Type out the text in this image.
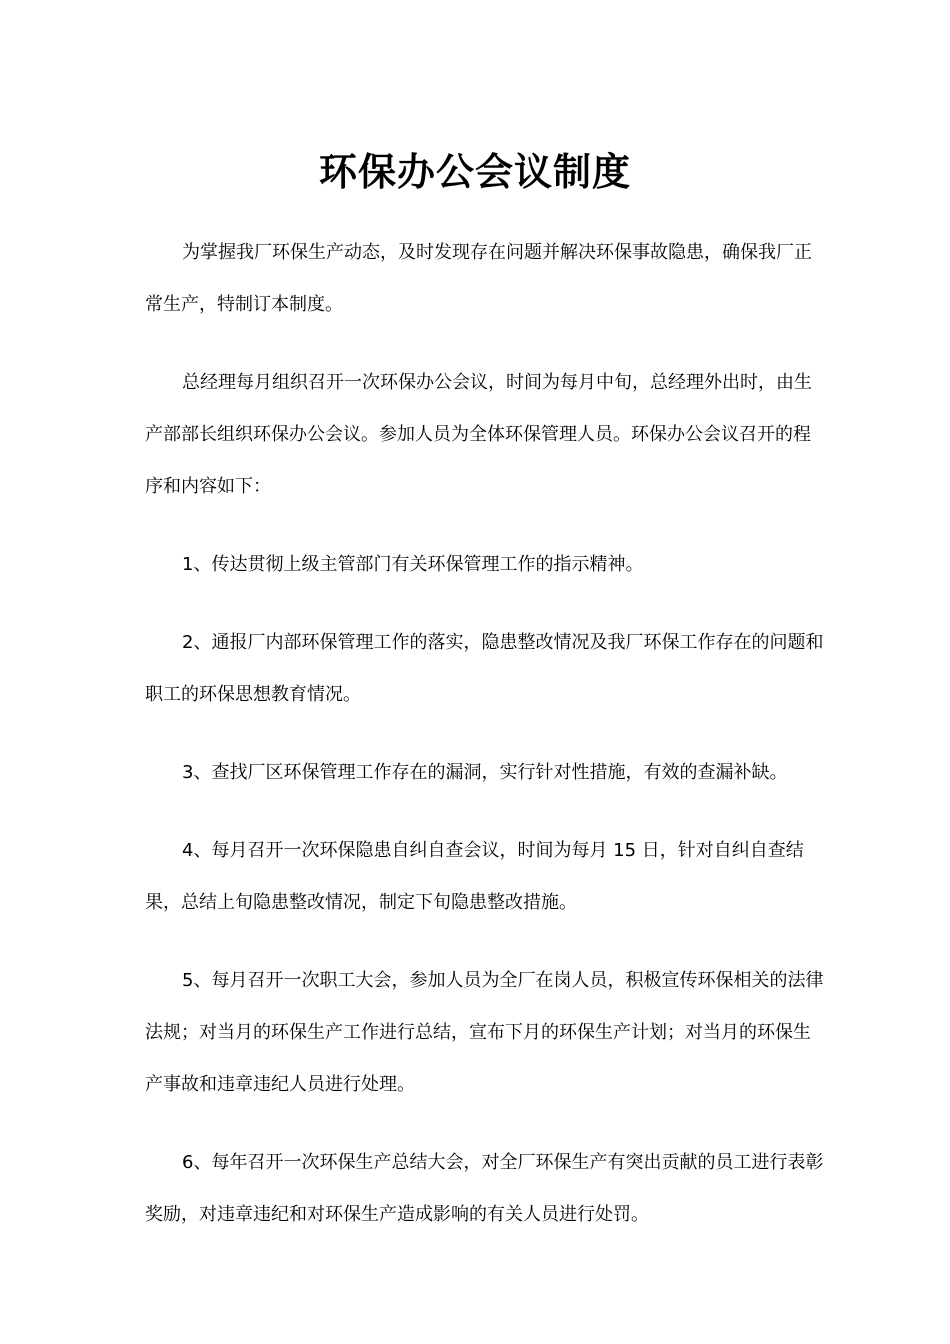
环保办公会议制度

为掌握我厂环保生产动态，及时发现存在问题并解决环保事故隐患，确保我厂正常生产，特制订本制度。

总经理每月组织召开一次环保办公会议，时间为每月中旬，总经理外出时，由生产部部长组织环保办公会议。参加人员为全体环保管理人员。环保办公会议召开的程序和内容如下：

1、传达贯彻上级主管部门有关环保管理工作的指示精神。

2、通报厂内部环保管理工作的落实，隐患整改情况及我厂环保工作存在的问题和职工的环保思想教育情况。

3、查找厂区环保管理工作存在的漏洞，实行针对性措施，有效的查漏补缺。

4、每月召开一次环保隐患自纠自查会议，时间为每月 15 日，针对自纠自查结果，总结上旬隐患整改情况，制定下旬隐患整改措施。

5、每月召开一次职工大会，参加人员为全厂在岗人员，积极宣传环保相关的法律法规；对当月的环保生产工作进行总结，宣布下月的环保生产计划；对当月的环保生产事故和违章违纪人员进行处理。

6、每年召开一次环保生产总结大会，对全厂环保生产有突出贡献的员工进行表彰奖励，对违章违纪和对环保生产造成影响的有关人员进行处罚。
